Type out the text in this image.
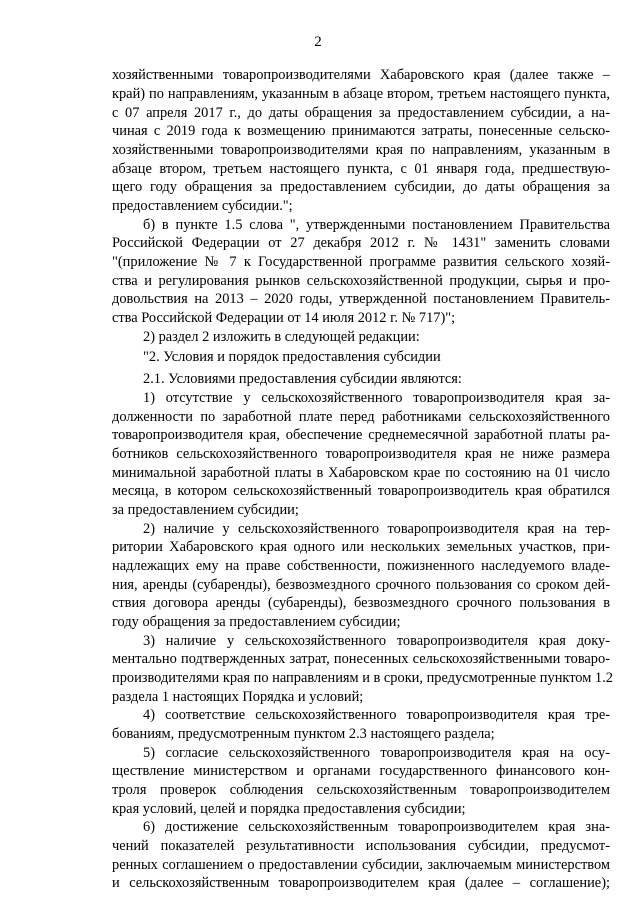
2
хозяйственными товаропроизводителями Хабаровского края (далее также –
край) по направлениям, указанным в абзаце втором, третьем настоящего пункта,
с 07 апреля 2017 г., до даты обращения за предоставлением субсидии, а на-
чиная с 2019 года к возмещению принимаются затраты, понесенные сельско-
хозяйственными товаропроизводителями края по направлениям, указанным в
абзаце втором, третьем настоящего пункта, с 01 января года, предшествую-
щего году обращения за предоставлением субсидии, до даты обращения за
предоставлением субсидии.";
б) в пункте 1.5 слова ", утвержденными постановлением Правительства
Российской Федерации от 27 декабря 2012 г. № 1431" заменить словами
"(приложение № 7 к Государственной программе развития сельского хозяй-
ства и регулирования рынков сельскохозяйственной продукции, сырья и про-
довольствия на 2013 – 2020 годы, утвержденной постановлением Правитель-
ства Российской Федерации от 14 июля 2012 г. № 717)";
2) раздел 2 изложить в следующей редакции:
"2. Условия и порядок предоставления субсидии
2.1. Условиями предоставления субсидии являются:
1) отсутствие у сельскохозяйственного товаропроизводителя края за-
долженности по заработной плате перед работниками сельскохозяйственного
товаропроизводителя края, обеспечение среднемесячной заработной платы ра-
ботников сельскохозяйственного товаропроизводителя края не ниже размера
минимальной заработной платы в Хабаровском крае по состоянию на 01 число
месяца, в котором сельскохозяйственный товаропроизводитель края обратился
за предоставлением субсидии;
2) наличие у сельскохозяйственного товаропроизводителя края на тер-
ритории Хабаровского края одного или нескольких земельных участков, при-
надлежащих ему на праве собственности, пожизненного наследуемого владе-
ния, аренды (субаренды), безвозмездного срочного пользования со сроком дей-
ствия договора аренды (субаренды), безвозмездного срочного пользования в
году обращения за предоставлением субсидии;
3) наличие у сельскохозяйственного товаропроизводителя края доку-
ментально подтвержденных затрат, понесенных сельскохозяйственными товаро-
производителями края по направлениям и в сроки, предусмотренные пунктом 1.2
раздела 1 настоящих Порядка и условий;
4) соответствие сельскохозяйственного товаропроизводителя края тре-
бованиям, предусмотренным пунктом 2.3 настоящего раздела;
5) согласие сельскохозяйственного товаропроизводителя края на осу-
ществление министерством и органами государственного финансового кон-
троля проверок соблюдения сельскохозяйственным товаропроизводителем
края условий, целей и порядка предоставления субсидии;
6) достижение сельскохозяйственным товаропроизводителем края зна-
чений показателей результативности использования субсидии, предусмот-
ренных соглашением о предоставлении субсидии, заключаемым министерством
и сельскохозяйственным товаропроизводителем края (далее – соглашение);
